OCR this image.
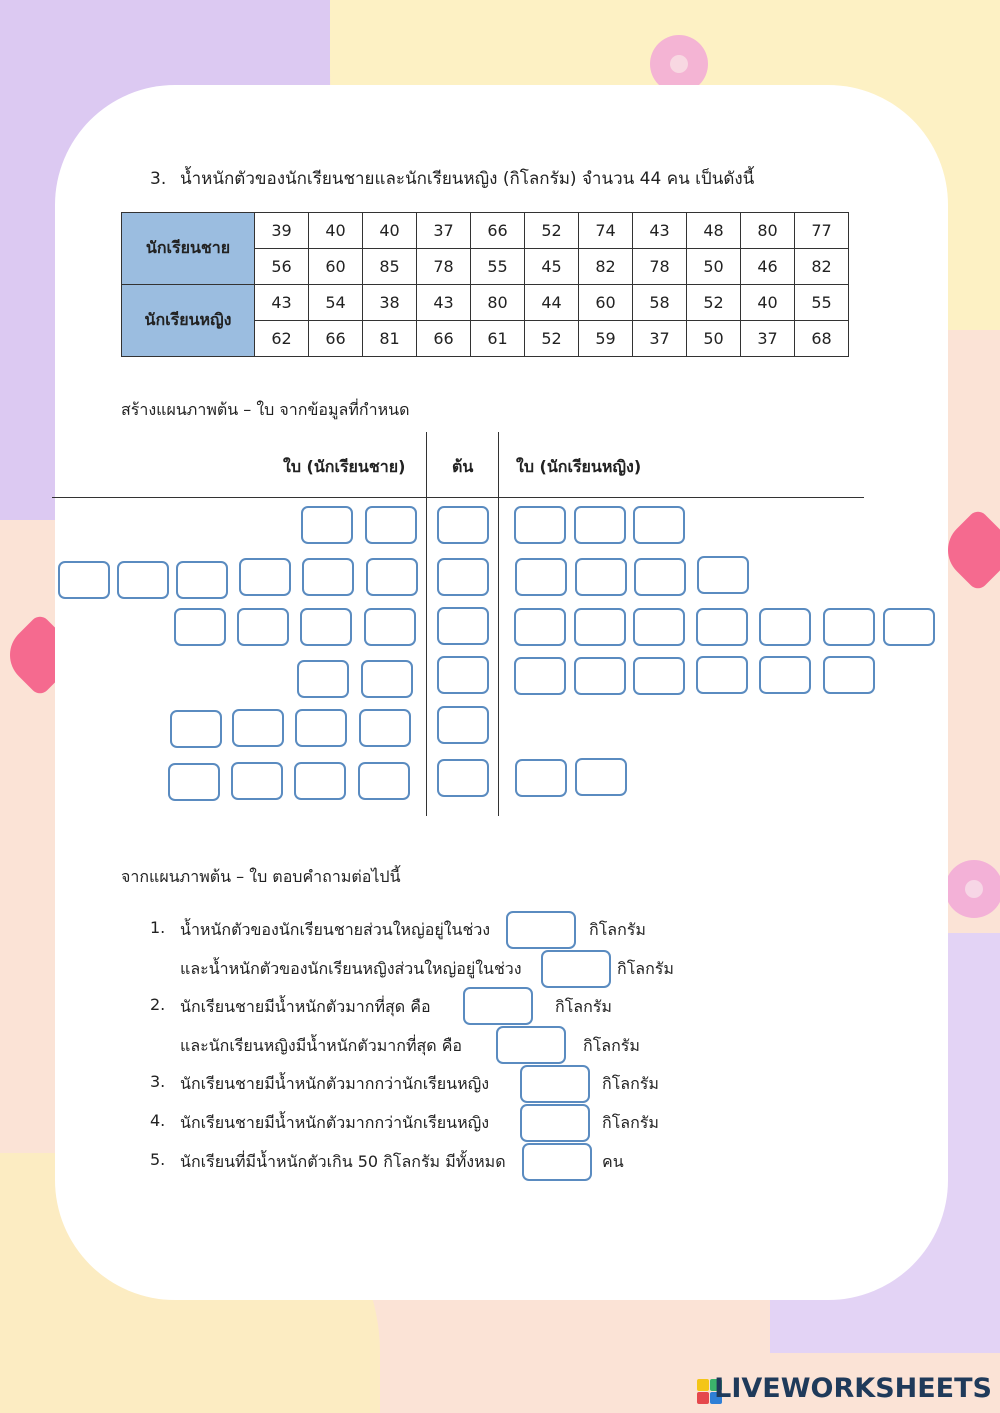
3. น้ำหนักตัวของนักเรียนชายและนักเรียนหญิง (กิโลกรัม) จำนวน 44 คน เป็นดังนี้
นักเรียนชาย	39	40	40	37	66	52	74	43	48	80	77
	56	60	85	78	55	45	82	78	50	46	82
นักเรียนหญิง	43	54	38	43	80	44	60	58	52	40	55
	62	66	81	66	61	52	59	37	50	37	68
สร้างแผนภาพต้น – ใบ จากข้อมูลที่กำหนด
ใบ (นักเรียนชาย)	ต้น	ใบ (นักเรียนหญิง)
จากแผนภาพต้น – ใบ ตอบคำถามต่อไปนี้
1. น้ำหนักตัวของนักเรียนชายส่วนใหญ่อยู่ในช่วง	กิโลกรัม
และน้ำหนักตัวของนักเรียนหญิงส่วนใหญ่อยู่ในช่วง	กิโลกรัม
2. นักเรียนชายมีน้ำหนักตัวมากที่สุด คือ	กิโลกรัม
และนักเรียนหญิงมีน้ำหนักตัวมากที่สุด คือ	กิโลกรัม
3. นักเรียนชายมีน้ำหนักตัวมากกว่านักเรียนหญิง	กิโลกรัม
4. นักเรียนชายมีน้ำหนักตัวมากกว่านักเรียนหญิง	กิโลกรัม
5. นักเรียนที่มีน้ำหนักตัวเกิน 50 กิโลกรัม มีทั้งหมด	คน
LIVEWORKSHEETS
